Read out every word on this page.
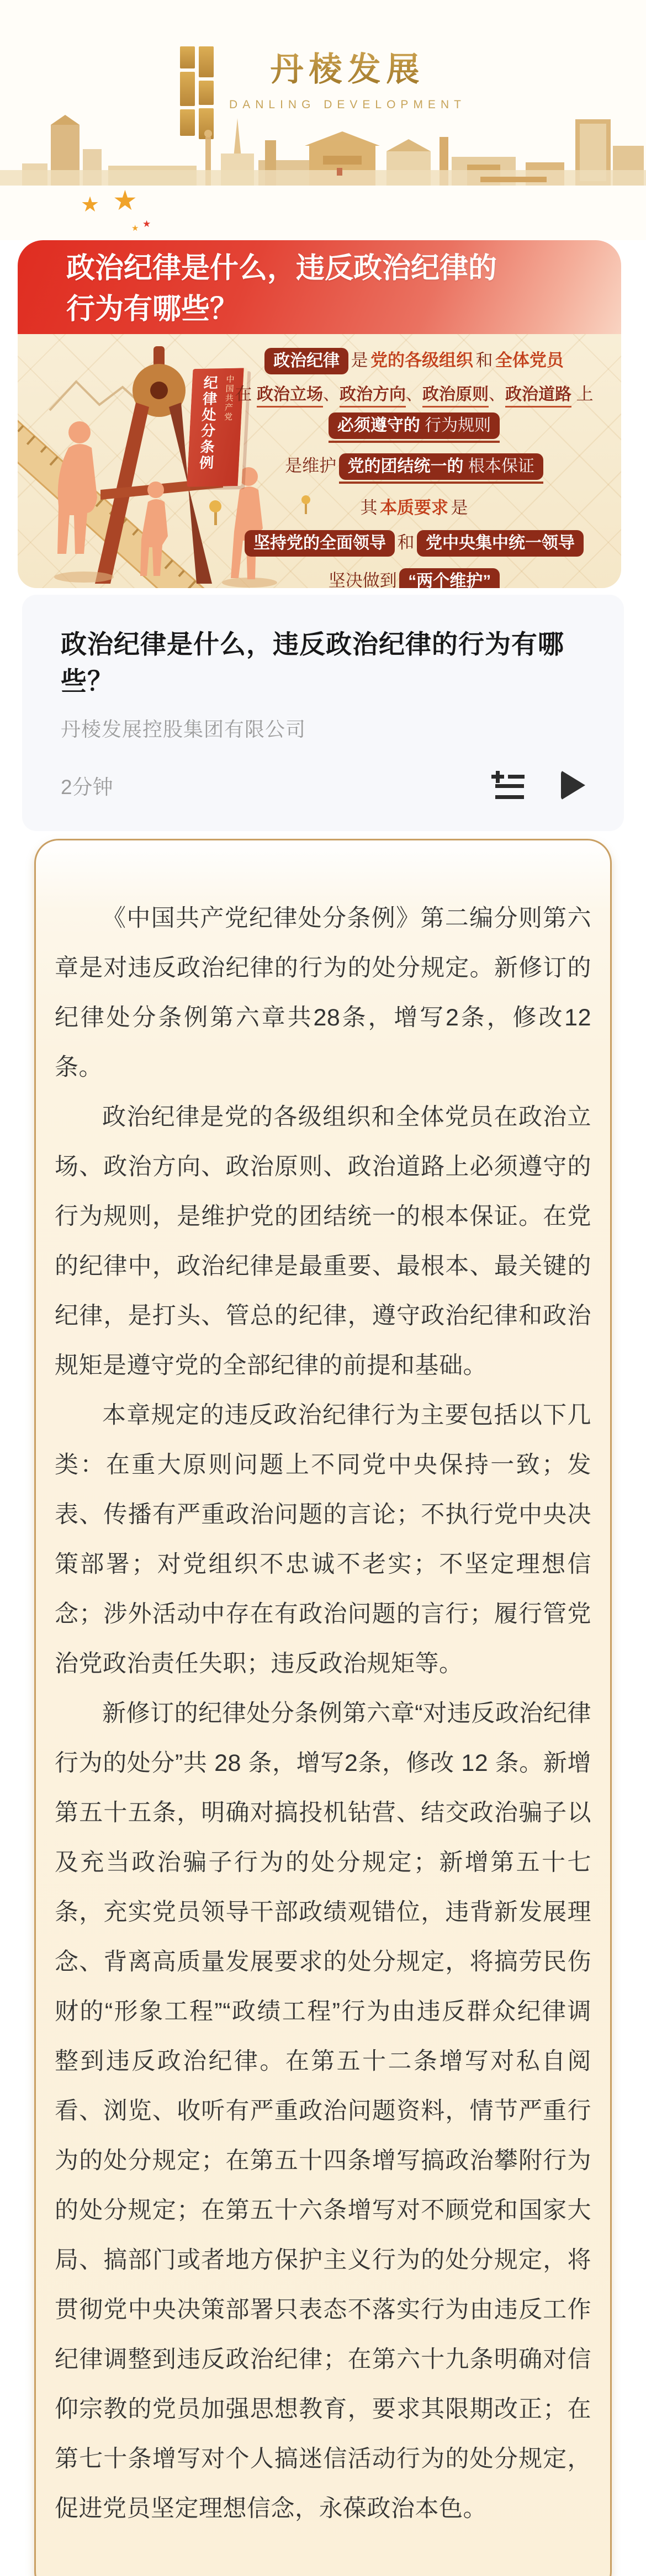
丹棱发展
DANLING DEVELOPMENT
★ ★
★ ★
政治纪律是什么，违反政治纪律的
行为有哪些？
纪律处分条例 中国共产党
政治纪律 是 党的各级组织 和 全体党员
在 政治立场、政治方向、政治原则、政治道路 上
必须遵守的 行为规则
是维护 党的团结统一的 根本保证
其 本质要求 是
坚持党的全面领导 和 党中央集中统一领导
坚决做到 “两个维护”
政治纪律是什么，违反政治纪律的行为有哪些？
丹棱发展控股集团有限公司
2分钟

《中国共产党纪律处分条例》第二编分则第六章是对违反政治纪律的行为的处分规定。新修订的纪律处分条例第六章共28条，增写2条，修改12条。

政治纪律是党的各级组织和全体党员在政治立场、政治方向、政治原则、政治道路上必须遵守的行为规则，是维护党的团结统一的根本保证。在党的纪律中，政治纪律是最重要、最根本、最关键的纪律，是打头、管总的纪律，遵守政治纪律和政治规矩是遵守党的全部纪律的前提和基础。

本章规定的违反政治纪律行为主要包括以下几类：在重大原则问题上不同党中央保持一致；发表、传播有严重政治问题的言论；不执行党中央决策部署；对党组织不忠诚不老实；不坚定理想信念；涉外活动中存在有政治问题的言行；履行管党治党政治责任失职；违反政治规矩等。

新修订的纪律处分条例第六章“对违反政治纪律行为的处分”共 28 条，增写2条，修改 12 条。新增第五十五条，明确对搞投机钻营、结交政治骗子以及充当政治骗子行为的处分规定；新增第五十七条，充实党员领导干部政绩观错位，违背新发展理念、背离高质量发展要求的处分规定，将搞劳民伤财的“形象工程”“政绩工程”行为由违反群众纪律调整到违反政治纪律。在第五十二条增写对私自阅看、浏览、收听有严重政治问题资料，情节严重行为的处分规定；在第五十四条增写搞政治攀附行为的处分规定；在第五十六条增写对不顾党和国家大局、搞部门或者地方保护主义行为的处分规定，将贯彻党中央决策部署只表态不落实行为由违反工作纪律调整到违反政治纪律；在第六十九条明确对信仰宗教的党员加强思想教育，要求其限期改正；在第七十条增写对个人搞迷信活动行为的处分规定，促进党员坚定理想信念，永葆政治本色。
